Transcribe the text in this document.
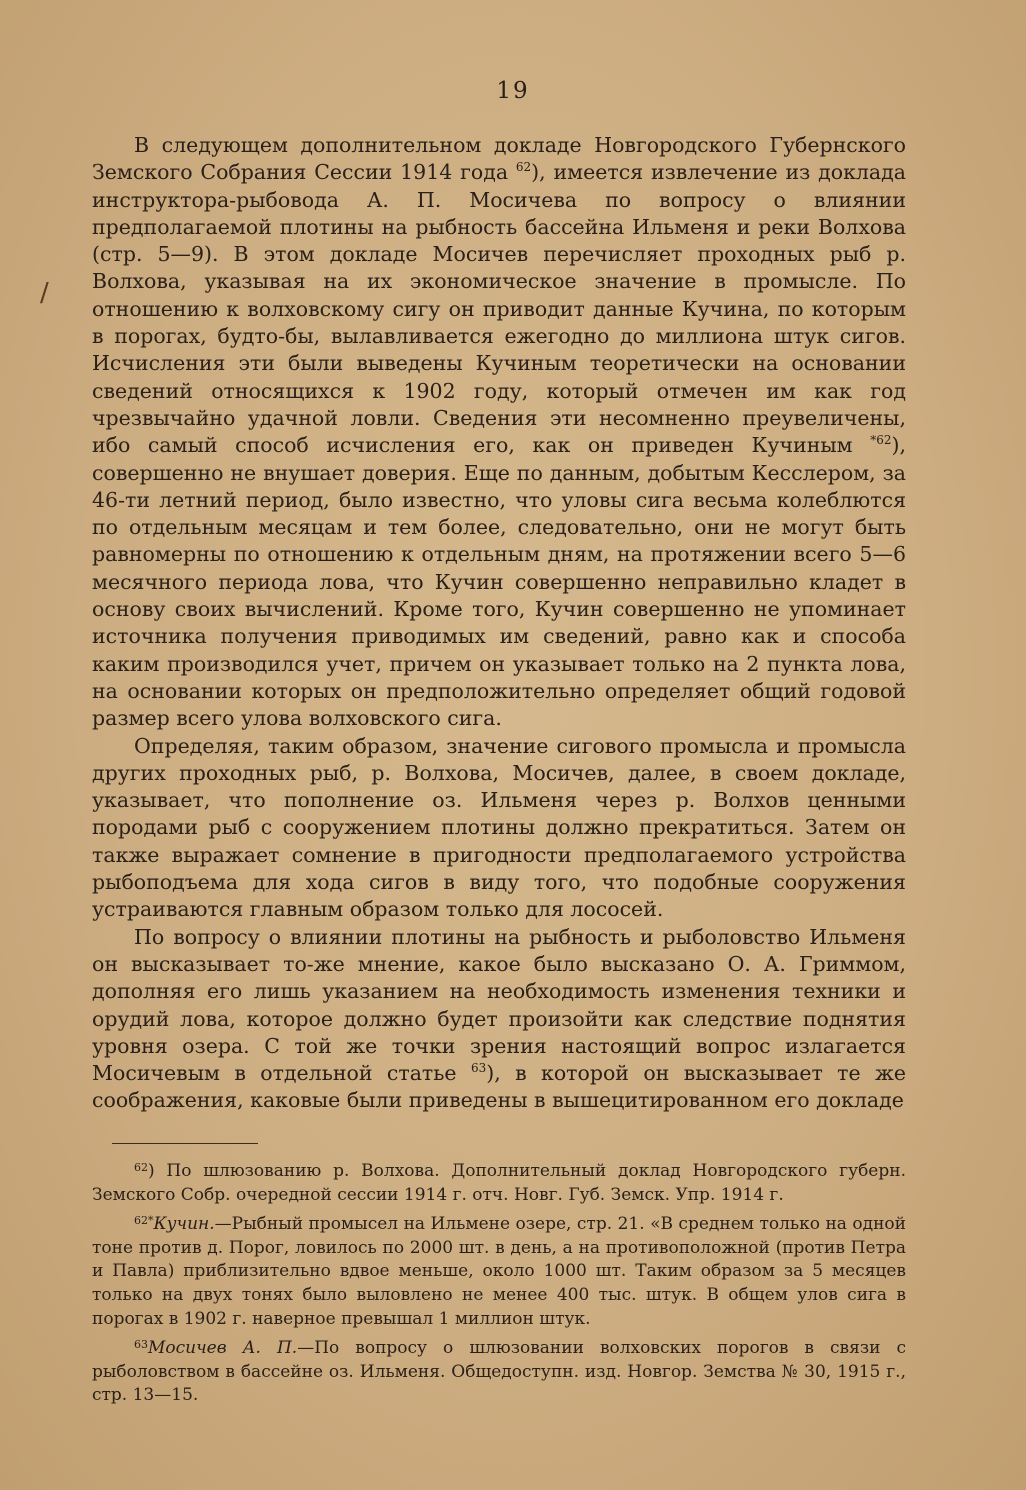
19
/

В следующем дополнительном докладе Новгородского Губернского Земского Собрания Сессии 1914 года $^{62}$), имеется извлечение из доклада инструктора-рыбовода А. П. Мосичева по вопросу о влиянии предполагаемой плотины на рыбность бассейна Ильменя и реки Волхова (стр. 5—9). В этом докладе Мосичев перечисляет проходных рыб р. Волхова, указывая на их экономическое значение в промысле. По отношению к волховскому сигу он приводит данные Кучина, по которым в порогах, будто-бы, вылавливается ежегодно до миллиона штук сигов. Исчисления эти были выведены Кучиным теоретически на основании сведений относящихся к 1902 году, который отмечен им как год чрезвычайно удачной ловли. Сведения эти несомненно преувеличены, ибо самый способ исчисления его, как он приведен Кучиным $^{*62}$), совершенно не внушает доверия. Еще по данным, добытым Кесслером, за 46-ти летний период, было известно, что уловы сига весьма колеблются по отдельным месяцам и тем более, следовательно, они не могут быть равномерны по отношению к отдельным дням, на протяжении всего 5—6 месячного периода лова, что Кучин совершенно неправильно кладет в основу своих вычислений. Кроме того, Кучин совершенно не упоминает источника получения приводимых им сведений, равно как и способа каким производился учет, причем он указывает только на 2 пункта лова, на основании которых он предположительно определяет общий годовой размер всего улова волховского сига.

Определяя, таким образом, значение сигового промысла и промысла других проходных рыб, р. Волхова, Мосичев, далее, в своем докладе, указывает, что пополнение оз. Ильменя через р. Волхов ценными породами рыб с сооружением плотины должно прекратиться. Затем он также выражает сомнение в пригодности предполагаемого устройства рыбоподъема для хода сигов в виду того, что подобные сооружения устраиваются главным образом только для лососей.

По вопросу о влиянии плотины на рыбность и рыболовство Ильменя он высказывает то-же мнение, какое было высказано О. А. Гриммом, дополняя его лишь указанием на необходимость изменения техники и орудий лова, которое должно будет произойти как следствие поднятия уровня озера. С той же точки зрения настоящий вопрос излагается Мосичевым в отдельной статье $^{63}$), в которой он высказывает те же соображения, каковые были приведены в вышецитированном его докладе

$^{62}$) По шлюзованию р. Волхова. Дополнительный доклад Новгородского губерн. Земского Собр. очередной сессии 1914 г. отч. Новг. Губ. Земск. Упр. 1914 г.

$^{62*}$Кучин.—Рыбный промысел на Ильмене озере, стр. 21. «В среднем только на одной тоне против д. Порог, ловилось по 2000 шт. в день, а на противоположной (против Петра и Павла) приблизительно вдвое меньше, около 1000 шт. Таким образом за 5 месяцев только на двух тонях было выловлено не менее 400 тыс. штук. В общем улов сига в порогах в 1902 г. наверное превышал 1 миллион штук.

$^{63}$Мосичев А. П.—По вопросу о шлюзовании волховских порогов в связи с рыболовством в бассейне оз. Ильменя. Общедоступн. изд. Новгор. Земства № 30, 1915 г., стр. 13—15.
